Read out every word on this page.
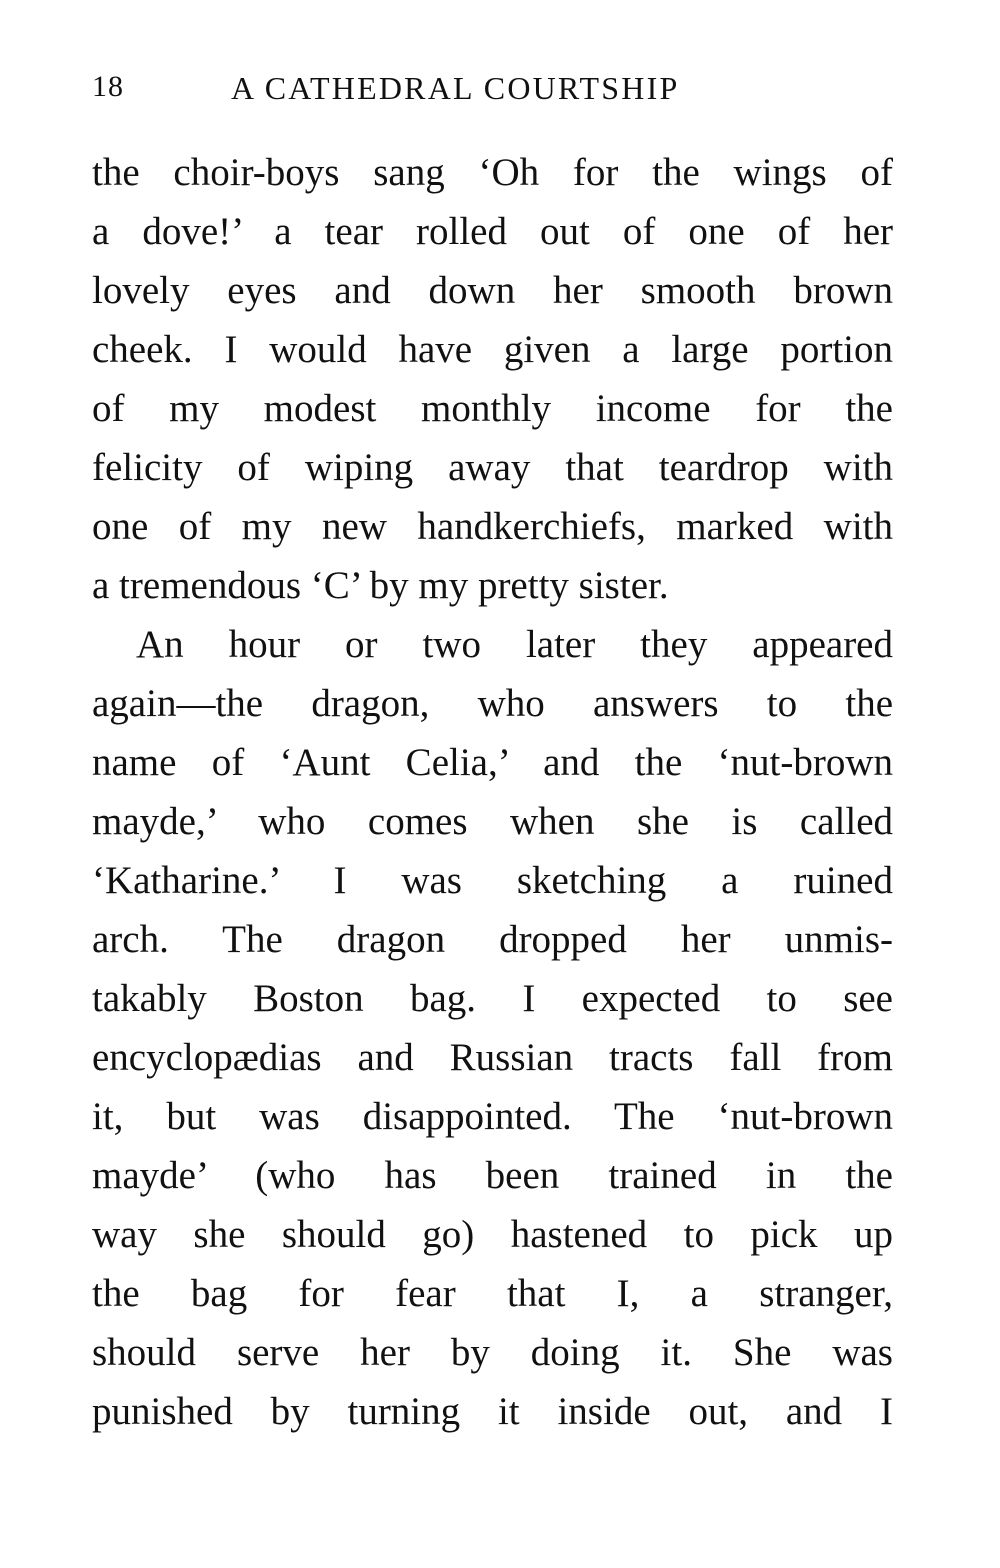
18	A CATHEDRAL COURTSHIP
the choir-boys sang ‘Oh for the wings of
a dove!’ a tear rolled out of one of her
lovely eyes and down her smooth brown
cheek. I would have given a large portion
of my modest monthly income for the
felicity of wiping away that teardrop with
one of my new handkerchiefs, marked with
a tremendous ‘C’ by my pretty sister.
An hour or two later they appeared
again—the dragon, who answers to the
name of ‘Aunt Celia,’ and the ‘nut-brown
mayde,’ who comes when she is called
‘Katharine.’ I was sketching a ruined
arch. The dragon dropped her unmis-
takably Boston bag. I expected to see
encyclopædias and Russian tracts fall from
it, but was disappointed. The ‘nut-brown
mayde’ (who has been trained in the
way she should go) hastened to pick up
the bag for fear that I, a stranger,
should serve her by doing it. She was
punished by turning it inside out, and I
